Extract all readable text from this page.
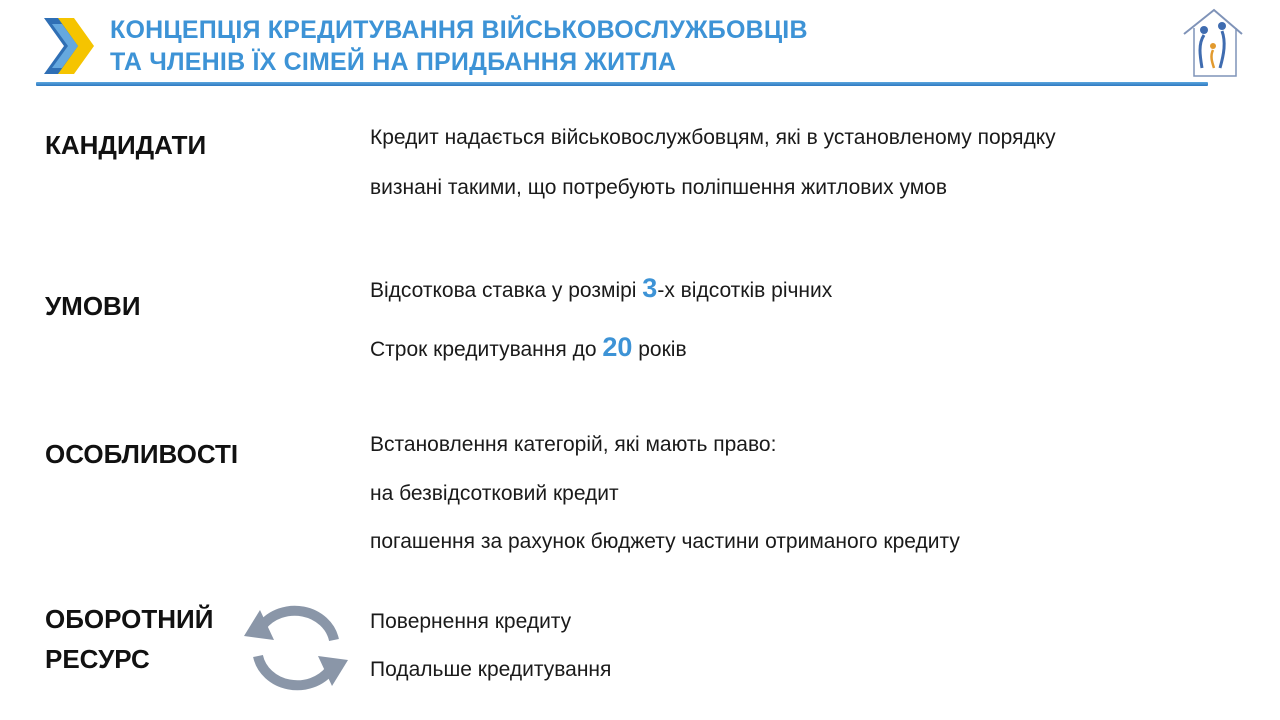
КОНЦЕПЦІЯ КРЕДИТУВАННЯ ВІЙСЬКОВОСЛУЖБОВЦІВ
ТА ЧЛЕНІВ ЇХ СІМЕЙ НА ПРИДБАННЯ ЖИТЛА
КАНДИДАТИ	Кредит надається військовослужбовцям, які в установленому порядку
визнані такими, що потребують поліпшення житлових умов
УМОВИ
Відсоткова ставка у розмірі 3-х відсотків річних
Строк кредитування до 20 років
ОСОБЛИВОСТІ	Встановлення категорій, які мають право:
на безвідсотковий кредит
погашення за рахунок бюджету частини отриманого кредиту
ОБОРОТНИЙ
РЕСУРС
Повернення кредиту
Подальше кредитування
